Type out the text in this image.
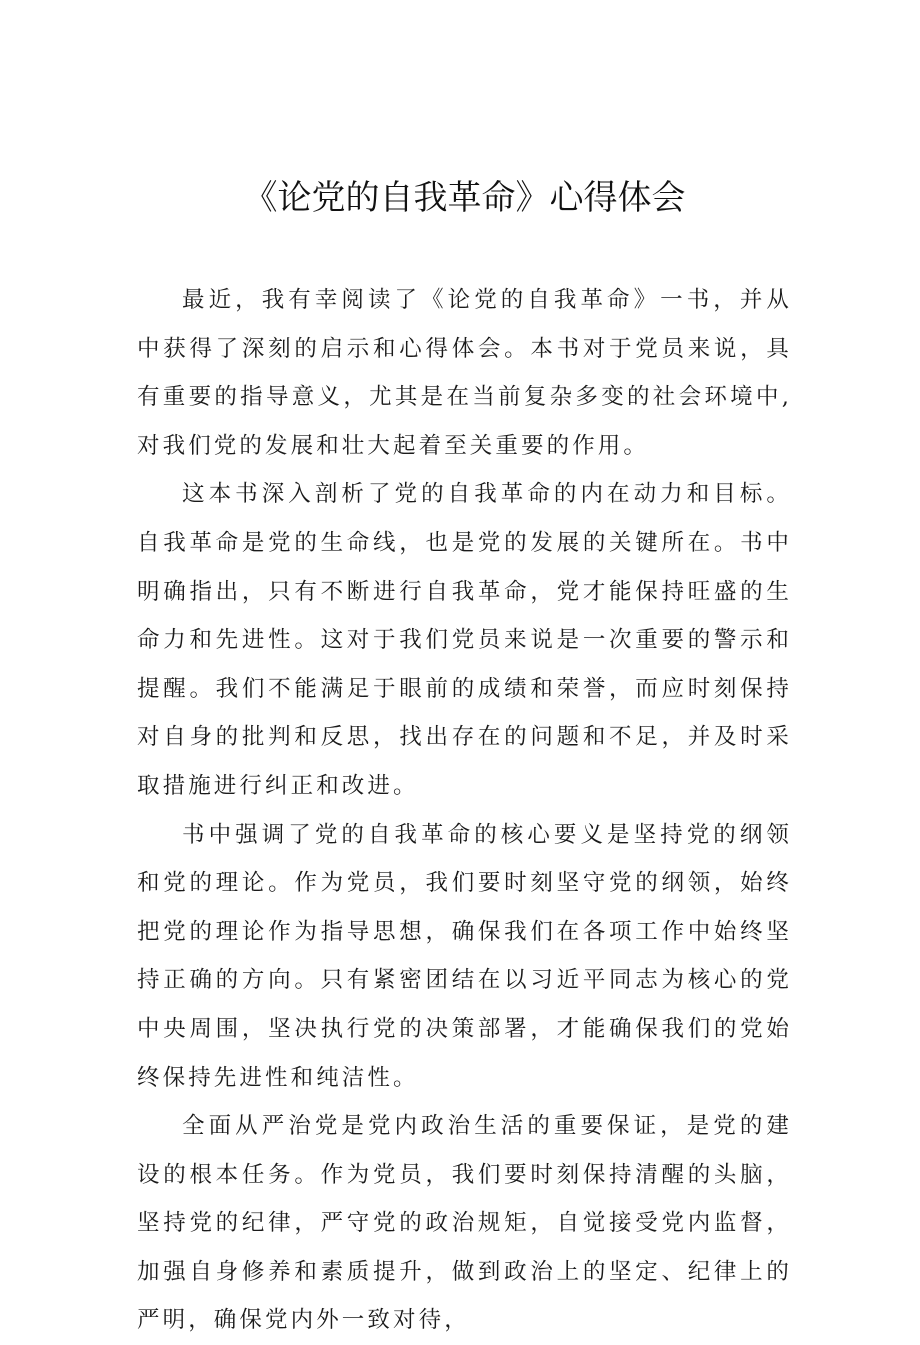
《论党的自我革命》心得体会

最近，我有幸阅读了《论党的自我革命》一书，并从中获得了深刻的启示和心得体会。本书对于党员来说，具有重要的指导意义，尤其是在当前复杂多变的社会环境中,对我们党的发展和壮大起着至关重要的作用。

这本书深入剖析了党的自我革命的内在动力和目标。自我革命是党的生命线，也是党的发展的关键所在。书中明确指出，只有不断进行自我革命，党才能保持旺盛的生命力和先进性。这对于我们党员来说是一次重要的警示和提醒。我们不能满足于眼前的成绩和荣誉，而应时刻保持对自身的批判和反思，找出存在的问题和不足，并及时采取措施进行纠正和改进。

书中强调了党的自我革命的核心要义是坚持党的纲领和党的理论。作为党员，我们要时刻坚守党的纲领，始终把党的理论作为指导思想，确保我们在各项工作中始终坚持正确的方向。只有紧密团结在以习近平同志为核心的党中央周围，坚决执行党的决策部署，才能确保我们的党始终保持先进性和纯洁性。

全面从严治党是党内政治生活的重要保证，是党的建设的根本任务。作为党员，我们要时刻保持清醒的头脑，坚持党的纪律，严守党的政治规矩，自觉接受党内监督，加强自身修养和素质提升，做到政治上的坚定、纪律上的严明，确保党内外一致对待，
